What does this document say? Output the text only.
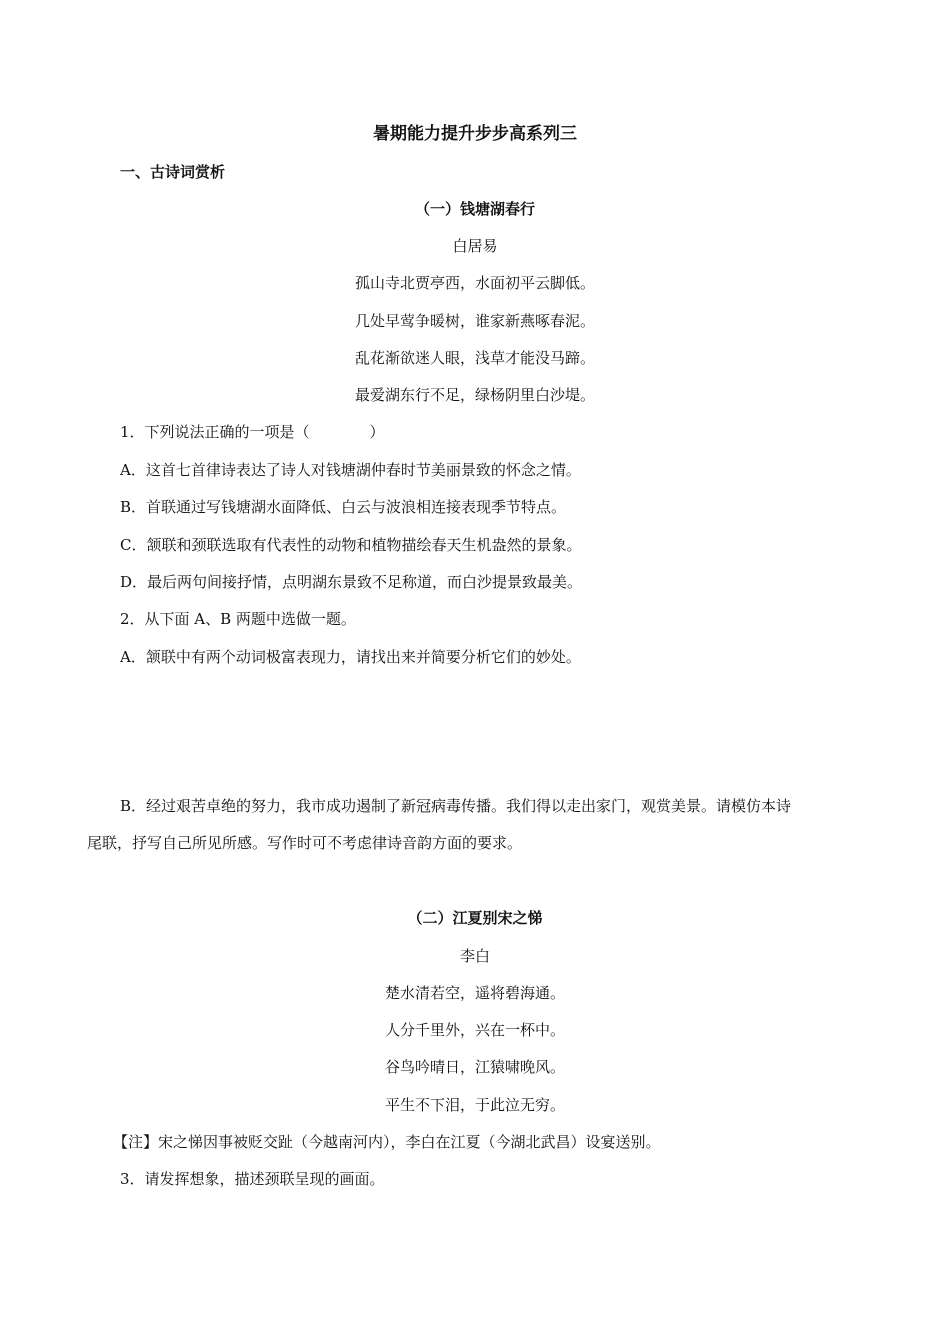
暑期能力提升步步高系列三
一、古诗词赏析
（一）钱塘湖春行
白居易
孤山寺北贾亭西，水面初平云脚低。
几处早莺争暖树，谁家新燕啄春泥。
乱花渐欲迷人眼，浅草才能没马蹄。
最爱湖东行不足，绿杨阴里白沙堤。
1．下列说法正确的一项是（　　　　）
A．这首七首律诗表达了诗人对钱塘湖仲春时节美丽景致的怀念之情。
B．首联通过写钱塘湖水面降低、白云与波浪相连接表现季节特点。
C．颔联和颈联选取有代表性的动物和植物描绘春天生机盎然的景象。
D．最后两句间接抒情，点明湖东景致不足称道，而白沙提景致最美。
2．从下面 A、B 两题中选做一题。
A．颔联中有两个动词极富表现力，请找出来并简要分析它们的妙处。
B．经过艰苦卓绝的努力，我市成功遏制了新冠病毒传播。我们得以走出家门，观赏美景。请模仿本诗
尾联，抒写自己所见所感。写作时可不考虑律诗音韵方面的要求。
（二）江夏别宋之悌
李白
楚水清若空，遥将碧海通。
人分千里外，兴在一杯中。
谷鸟吟晴日，江猿啸晚风。
平生不下泪，于此泣无穷。
【注】宋之悌因事被贬交趾（今越南河内），李白在江夏（今湖北武昌）设宴送别。
3．请发挥想象，描述颈联呈现的画面。
